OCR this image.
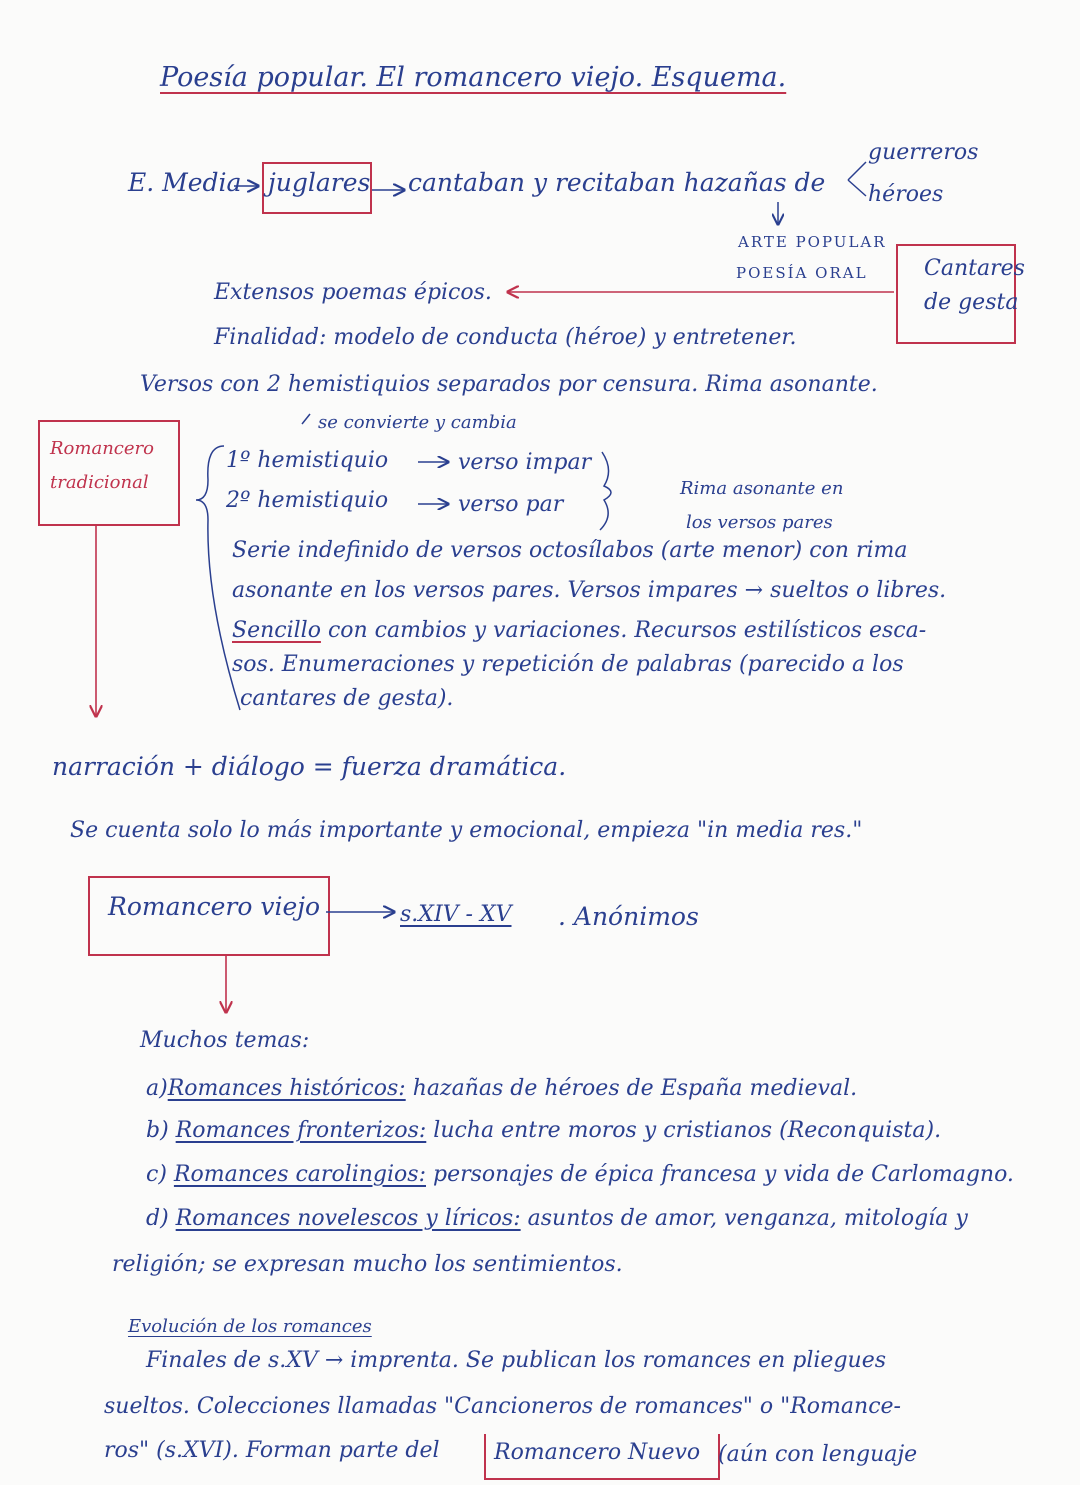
Poesía popular. El romancero viejo. Esquema.
E. Media juglares cantaban y recitaban hazañas de
guerreros
héroes
ARTE POPULAR
POESÍA ORAL	Cantares
de gesta
Extensos poemas épicos.
Finalidad: modelo de conducta (héroe) y entretener.
Versos con 2 hemistiquios separados por censura. Rima asonante.
se convierte y cambia
Romancero
tradicional
1º hemistiquio	verso impar
2º hemistiquio	verso par
Rima asonante en
los versos pares
Serie indefinido de versos octosílabos (arte menor) con rima
asonante en los versos pares. Versos impares → sueltos o libres.
Sencillo con cambios y variaciones. Recursos estilísticos esca-
sos. Enumeraciones y repetición de palabras (parecido a los
cantares de gesta).
narración + diálogo = fuerza dramática.
Se cuenta solo lo más importante y emocional, empieza "in media res."
Romancero viejo	s.XIV - XV . Anónimos
Muchos temas:
a)Romances históricos: hazañas de héroes de España medieval.
b) Romances fronterizos: lucha entre moros y cristianos (Reconquista).
c) Romances carolingios: personajes de épica francesa y vida de Carlomagno.
d) Romances novelescos y líricos: asuntos de amor, venganza, mitología y
religión; se expresan mucho los sentimientos.
Evolución de los romances
Finales de s.XV → imprenta. Se publican los romances en pliegues
sueltos. Colecciones llamadas "Cancioneros de romances" o "Romance-
ros" (s.XVI). Forman parte del Romancero Nuevo (aún con lenguaje
